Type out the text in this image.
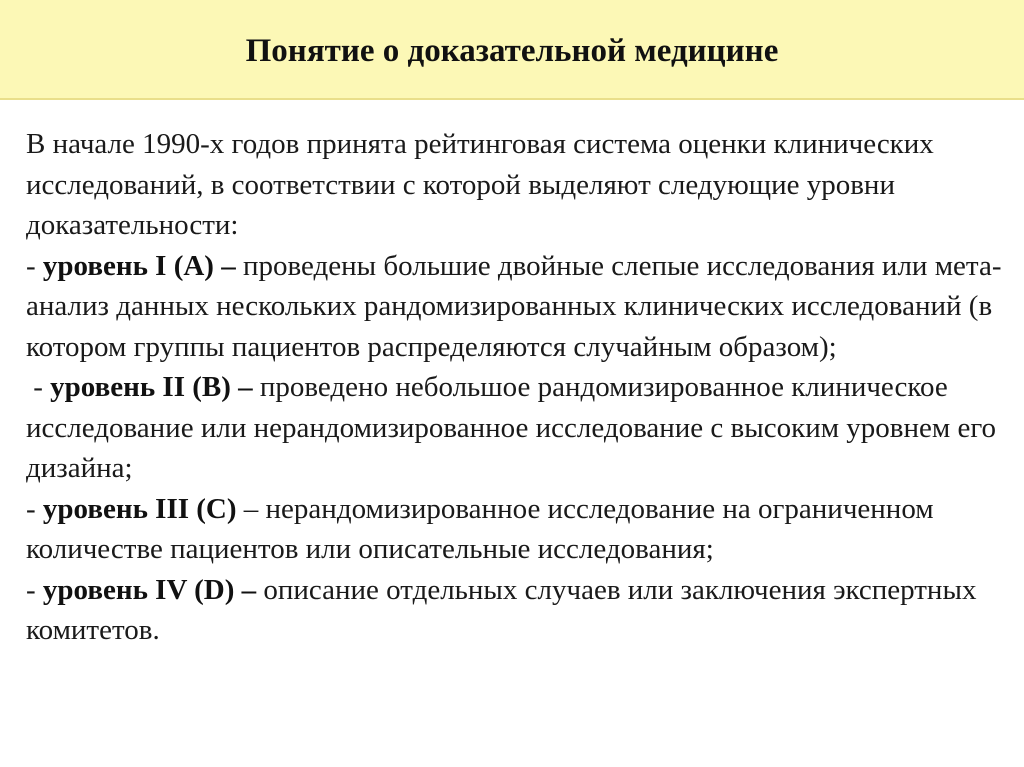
Понятие о доказательной медицине

В начале 1990-х годов принята рейтинговая система оценки клинических исследований, в соответствии с которой выделяют следующие уровни доказательности:

- уровень I (А) – проведены большие двойные слепые исследования или мета-анализ данных нескольких рандомизированных клинических исследований (в котором группы пациентов распределяются случайным образом);

- уровень II (В) – проведено небольшое рандомизированное клиническое исследование или нерандомизированное исследование с высоким уровнем его дизайна;

- уровень III (С) – нерандомизированное исследование на ограниченном количестве пациентов или описательные исследования;

- уровень IV (D) – описание отдельных случаев или заключения экспертных комитетов.
